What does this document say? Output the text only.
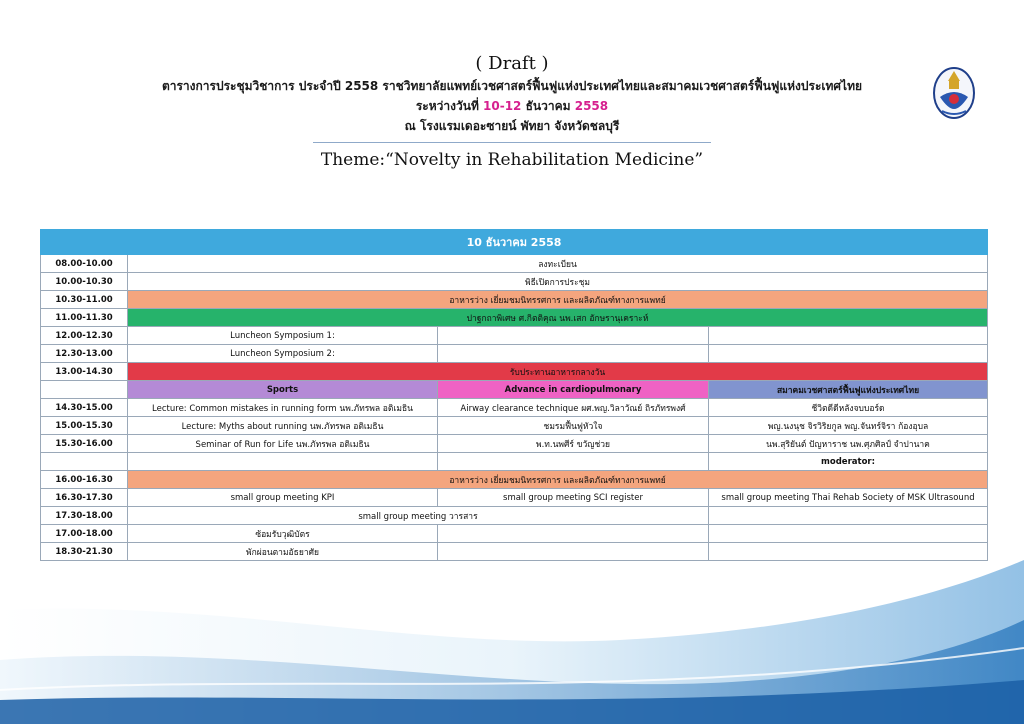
( Draft )
ตารางการประชุมวิชาการ ประจำปี 2558 ราชวิทยาลัยแพทย์เวชศาสตร์ฟื้นฟูแห่งประเทศไทยและสมาคมเวชศาสตร์ฟื้นฟูแห่งประเทศไทย
ระหว่างวันที่ 10-12 ธันวาคม 2558
ณ โรงแรมเดอะซายน์ พัทยา จังหวัดชลบุรี
Theme:“Novelty in Rehabilitation Medicine”
10 ธันวาคม 2558			
08.00-10.00	ลงทะเบียน		
10.00-10.30	พิธีเปิดการประชุม		
10.30-11.00	อาหารว่าง เยี่ยมชมนิทรรศการ และผลิตภัณฑ์ทางการแพทย์		
11.00-11.30	ปาฐกถาพิเศษ ศ.กิตติคุณ นพ.เสก อักษรานุเคราะห์		
12.00-12.30	Luncheon Symposium 1:		
12.30-13.00	Luncheon Symposium 2:		
13.00-14.30	รับประทานอาหารกลางวัน		
	Sports	Advance in cardiopulmonary	สมาคมเวชศาสตร์ฟื้นฟูแห่งประเทศไทย
14.30-15.00	Lecture: Common mistakes in running form นพ.ภัทรพล อติเมธิน	Airway clearance technique ผศ.พญ.วิลาวัณย์ ถิรภัทรพงศ์	ชีวิตดีดีหลังจบบอร์ด
15.00-15.30	Lecture: Myths about running นพ.ภัทรพล อติเมธิน	ชมรมฟื้นฟูหัวใจ	พญ.นงนุช จิรวิริยกูล พญ.จันทร์จิรา ก้องอุบล
15.30-16.00	Seminar of Run for Life นพ.ภัทรพล อติเมธิน	พ.ท.นพศีร์ ขวัญช่วย	นพ.สุริยันต์ ปัญหาราช นพ.ศุภศิลป์ จำปานาค
			moderator:
16.00-16.30	อาหารว่าง เยี่ยมชมนิทรรศการ และผลิตภัณฑ์ทางการแพทย์		
16.30-17.30	small group meeting KPI	small group meeting SCI register	small group meeting Thai Rehab Society of MSK Ultrasound
17.30-18.00	small group meeting วารสาร		
17.00-18.00	ซ้อมรับวุฒิบัตร		
18.30-21.30	พักผ่อนตามอัธยาศัย		
